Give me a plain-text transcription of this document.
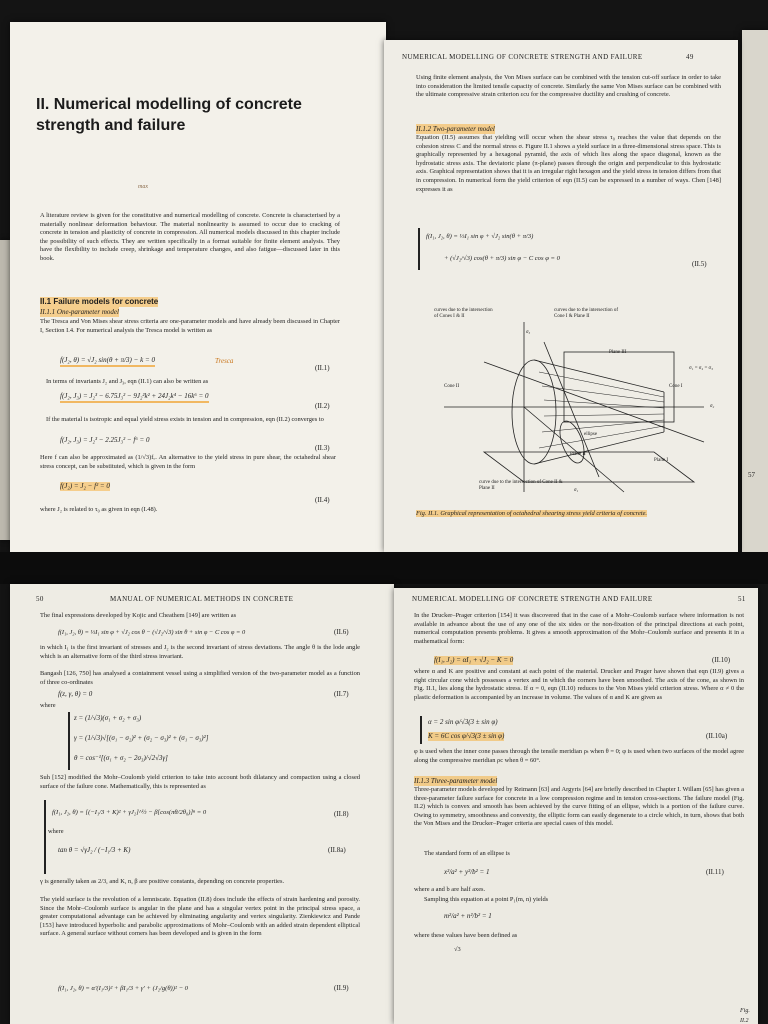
57
II. Numerical modelling of concrete strength and failure
max
A literature review is given for the constitutive and numerical modelling of concrete. Concrete is characterised by a materially nonlinear deformation behaviour. The material nonlinearity is assumed to occur due to cracking of concrete in tension and plasticity of concrete in compression. All numerical models discussed in this chapter include the possibility of such effects. They are written specifically in a format suitable for finite element analysis. They have the flexibility to include creep, shrinkage and temperature changes, and also fatigue—discussed later in this book.
II.1 Failure models for concrete
II.1.1 One-parameter model
The Tresca and Von Mises shear stress criteria are one-parameter models and have already been discussed in Chapter I, Section I.4. For numerical analysis the Tresca model is written as
f(J₂, θ) = √J₂ sin(θ + π/3) − k = 0	Tresca
(II.1)
In terms of invariants J₂ and J₃, eqn (II.1) can also be written as
f(J₂, J₃) = J₂³ − 6.75J₃² − 9J₂²k² + 24J₂k⁴ − 16k⁶ = 0
(II.2)
If the material is isotropic and equal yield stress exists in tension and in compression, eqn (II.2) converges to
f(J₂, J₃) = J₂³ − 2.25J₃² − f⁶ = 0
(II.3)
Here f can also be approximated as (1/√3)fₒ. An alternative to the yield stress in pure shear, the octahedral shear stress concept, can be substituted, which is given in the form
f(J₂) = J₂ − f² = 0
(II.4)
where J₂ is related to τ₀ as given in eqn (I.48).
NUMERICAL MODELLING OF CONCRETE STRENGTH AND FAILURE	49
Using finite element analysis, the Von Mises surface can be combined with the tension cut-off surface in order to take into consideration the limited tensile capacity of concrete. Similarly the same Von Mises surface can be combined with the ultimate compressive strain criterion εcu for the compressive ductility and crushing of concrete.
II.1.2 Two-parameter model
Equation (II.5) assumes that yielding will occur when the shear stress τ₀ reaches the value that depends on the cohesion stress C and the normal stress σ. Figure II.1 shows a yield surface in a three-dimensional stress space. This is graphically represented by a hexagonal pyramid, the axis of which lies along the space diagonal, known as the hydrostatic stress axis. The deviatoric plane (π-plane) passes through the origin and perpendicular to this hydrostatic axis. Graphical representation shows that it is an irregular right hexagon and the yield stress in tension differs from that in compression. In numerical form the yield criterion of eqn (II.5) can be expressed in a number of ways. Chen [148] expresses it as
f(I₁, J₂, θ) = ⅓I₁ sin φ + √J₂ sin(θ + π/3)
+ (√J₂/√3) cos(θ + π/3) sin φ − C cos φ = 0
(II.5)
curves due to the intersection of Cones I & II
curves due to the intersection of Cone I & Plane II
Plane III
σ₁ = σ₂ = σ₃
Cone II	Cone I
ellipse
Plane II
Plane I
curve due to the intersection of Cone II & Plane II
σ₃
σ₁
σ₂
Fig. II.1. Graphical representation of octahedral shearing stress yield criteria of concrete.
50	MANUAL OF NUMERICAL METHODS IN CONCRETE
The final expressions developed by Kojic and Cheathem [149] are written as
f(I₁, J₂, θ) = ⅓I₁ sin φ + √J₂ cos θ − (√J₂/√3) sin θ + sin φ − C cos φ = 0	(II.6)
in which I₁ is the first invariant of stresses and J₂ is the second invariant of stress deviations. The angle θ is the lode angle which is an alternative form of the third stress invariant.
Bangash [126, 750] has analysed a containment vessel using a simplified version of the two-parameter model as a function of three co-ordinates
f(z, γ, θ) = 0	(II.7)
where
z = (1/√3)(σ₁ + σ₂ + σ₃)
γ = (1/√3)√[(σ₁ − σ₂)² + (σ₂ − σ₃)² + (σ₁ − σ₃)²]
θ = cos⁻¹[(σ₁ + σ₂ − 2σ₃)/√2√3γ]
Suh [152] modified the Mohr–Coulomb yield criterion to take into account both dilatancy and compaction using a closed surface of the failure cone. Mathematically, this is represented as
f(I₁, J₂, θ) = [(−I₁/3 + K)² + γJ₂]^½ − β[cos(πθ/2θ₀)]ⁿ = 0	(II.8)
where
tan θ = √γJ₂ / (−I₁/3 + K)	(II.8a)
γ is generally taken as 2/3, and K, n, β are positive constants, depending on concrete properties.
The yield surface is the revolution of a lemniscate. Equation (II.8) does include the effects of strain hardening and porosity. Since the Mohr–Coulomb surface is angular in the plane and has a singular vertex point in the principal stress space, a greater computational advantage can be achieved by eliminating angularity and vertex singularity. Zienkiewicz and Pande [153] have introduced hyperbolic and parabolic approximations of Mohr–Coulomb with an added strain dependent elliptical surface. A general surface without corners has been developed and is given in the form
f(I₁, J₂, θ) = α′(I₁/3)² + βI₁/3 + γ′ + (J₂/g(θ))² − 0	(II.9)
NUMERICAL MODELLING OF CONCRETE STRENGTH AND FAILURE	51
In the Drucker–Prager criterion [154] it was discovered that in the case of a Mohr–Coulomb surface where information is not available in advance about the use of any one of the six sides or the non-fixation of the principal directions at each point, numerical computation presents problems. It gives a smooth approximation of the Mohr–Coulomb surface and presents it in a mathematical form:
f(I₁, J₂) = αI₁ + √J₂ − K = 0	(II.10)
where α and K are positive and constant at each point of the material. Drucker and Prager have shown that eqn (II.9) gives a right circular cone which possesses a vertex and in which the corners have been smoothed. The axis of the cone, as shown in Fig. II.1, lies along the hydrostatic stress. If α = 0, eqn (II.10) reduces to the Von Mises yield criterion stress. Where α ≠ 0 the plastic deformation is accompanied by an increase in volume. The values of α and K are given as
α = 2 sin φ/√3(3 ± sin φ)
K = 6C cos φ/√3(3 ± sin φ)	(II.10a)
φ is used when the inner cone passes through the tensile meridian ρₜ when θ = 0; φ is used when two surfaces of the model agree along the compressive meridian ρc when θ = 60°.
II.1.3 Three-parameter model
Three-parameter models developed by Reimann [63] and Argyris [64] are briefly described in Chapter I. Willam [65] has given a three-parameter failure surface for concrete in a low compression regime and in tension cross-sections. The failure model (Fig. II.2) which is convex and smooth has been achieved by the curve fitting of an ellipse, which is a portion of the failure curve. Owing to symmetry, smoothness and convexity, the elliptic form can easily degenerate to a circle which, in turn, shows that both the Von Mises and the Drucker–Prager criteria are special cases of this model.
The standard form of an ellipse is
x²/a² + y²/b² = 1	(II.11)
where a and b are half axes.
Sampling this equation at a point P₁(m, n) yields
m²/a² + n²/b² = 1
where these values have been defined as
√3
Fig. II.2
